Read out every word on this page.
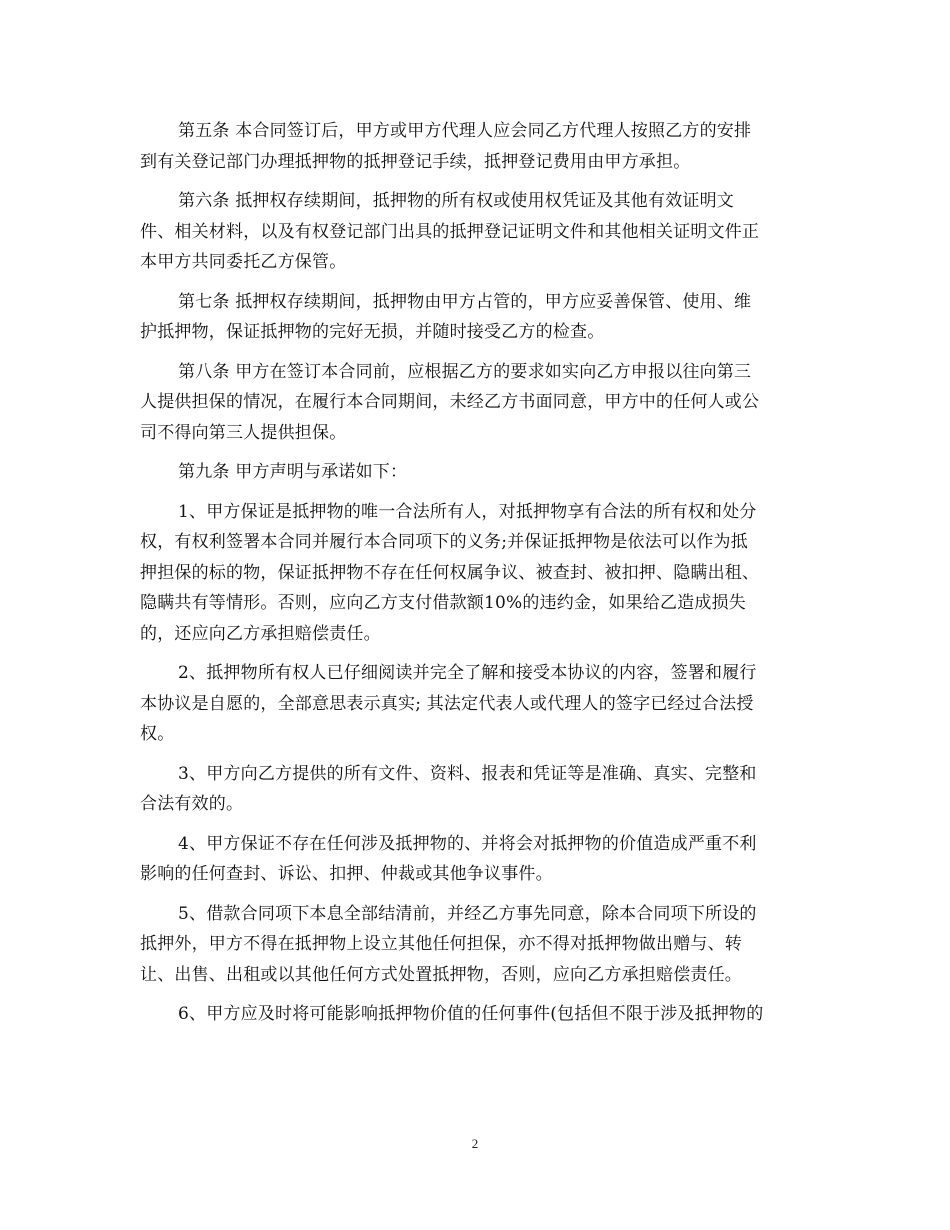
第五条 本合同签订后，甲方或甲方代理人应会同乙方代理人按照乙方的安排
到有关登记部门办理抵押物的抵押登记手续，抵押登记费用由甲方承担。

第六条 抵押权存续期间，抵押物的所有权或使用权凭证及其他有效证明文
件、相关材料，以及有权登记部门出具的抵押登记证明文件和其他相关证明文件正
本甲方共同委托乙方保管。

第七条 抵押权存续期间，抵押物由甲方占管的，甲方应妥善保管、使用、维
护抵押物，保证抵押物的完好无损，并随时接受乙方的检查。

第八条 甲方在签订本合同前，应根据乙方的要求如实向乙方申报以往向第三
人提供担保的情况，在履行本合同期间，未经乙方书面同意，甲方中的任何人或公
司不得向第三人提供担保。

第九条 甲方声明与承诺如下：

1、甲方保证是抵押物的唯一合法所有人，对抵押物享有合法的所有权和处分
权，有权利签署本合同并履行本合同项下的义务;并保证抵押物是依法可以作为抵
押担保的标的物，保证抵押物不存在任何权属争议、被查封、被扣押、隐瞒出租、
隐瞒共有等情形。否则，应向乙方支付借款额10%的违约金，如果给乙造成损失
的，还应向乙方承担赔偿责任。

2、抵押物所有权人已仔细阅读并完全了解和接受本协议的内容，签署和履行
本协议是自愿的，全部意思表示真实; 其法定代表人或代理人的签字已经过合法授
权。

3、甲方向乙方提供的所有文件、资料、报表和凭证等是准确、真实、完整和
合法有效的。

4、甲方保证不存在任何涉及抵押物的、并将会对抵押物的价值造成严重不利
影响的任何查封、诉讼、扣押、仲裁或其他争议事件。

5、借款合同项下本息全部结清前，并经乙方事先同意，除本合同项下所设的
抵押外，甲方不得在抵押物上设立其他任何担保，亦不得对抵押物做出赠与、转
让、出售、出租或以其他任何方式处置抵押物，否则，应向乙方承担赔偿责任。

6、甲方应及时将可能影响抵押物价值的任何事件(包括但不限于涉及抵押物的

2
